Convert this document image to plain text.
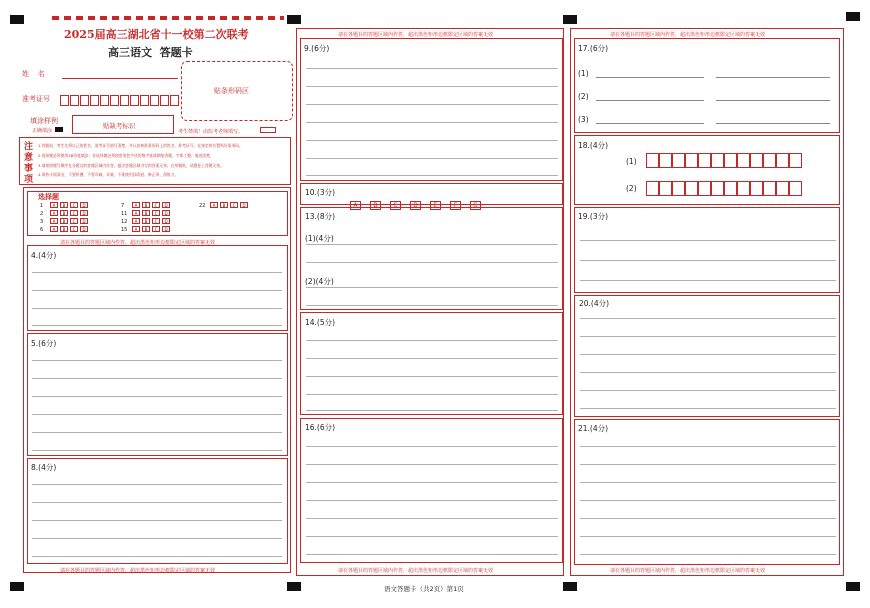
2025届高三湖北省十一校第二次联考
高三语文  答题卡
姓    名
准考证号
贴条形码区
填涂样例
正确填涂
贴缺考标识
考生禁填！由监考老师填写。
注
意
事
项
1.答题前，考生先将自己的姓名、准考证号填写清楚，并认真核准条形码上的姓名、准考证号，在规定的位置贴好条形码。
2.选择题必须使用2B铅笔填涂；非选择题必须使用黑色字迹的签字笔或钢笔答题，字体工整、笔迹清楚。
3.请按照题号顺序在各题目的答题区域内作答，超出答题区域书写的答案无效；在草稿纸、试题卷上答题无效。
4.保持卡面清洁，不要折叠、不要弄破、弄皱，不准使用涂改液、修正带、刮纸刀。
选择题
1 A B C D
2 A B C D
3 A B C D
6 A B C D
7	A B C D
11 A B C D
12 A B C D
15 A B C D
22 A B C D
请在各题目的答题区域内作答，超出黑色矩形边框限定区域的答案无效
4.(4分)
5.(6分)
8.(4分)
请在各题目的答题区域内作答，超出黑色矩形边框限定区域的答案无效
请在各题目的答题区域内作答，超出黑色矩形边框限定区域的答案无效
9.(6分)
10.(3分)
A	B	C	D	E	F	G
13.(8分)
(1)(4分)
(2)(4分)
14.(5分)
16.(6分)
请在各题目的答题区域内作答，超出黑色矩形边框限定区域的答案无效
请在各题目的答题区域内作答，超出黑色矩形边框限定区域的答案无效
17.(6分)
(1)
(2)
(3)
18.(4分)
(1)
(2)
19.(3分)
20.(4分)
21.(4分)
请在各题目的答题区域内作答，超出黑色矩形边框限定区域的答案无效
语文答题卡（共2页）第1页
